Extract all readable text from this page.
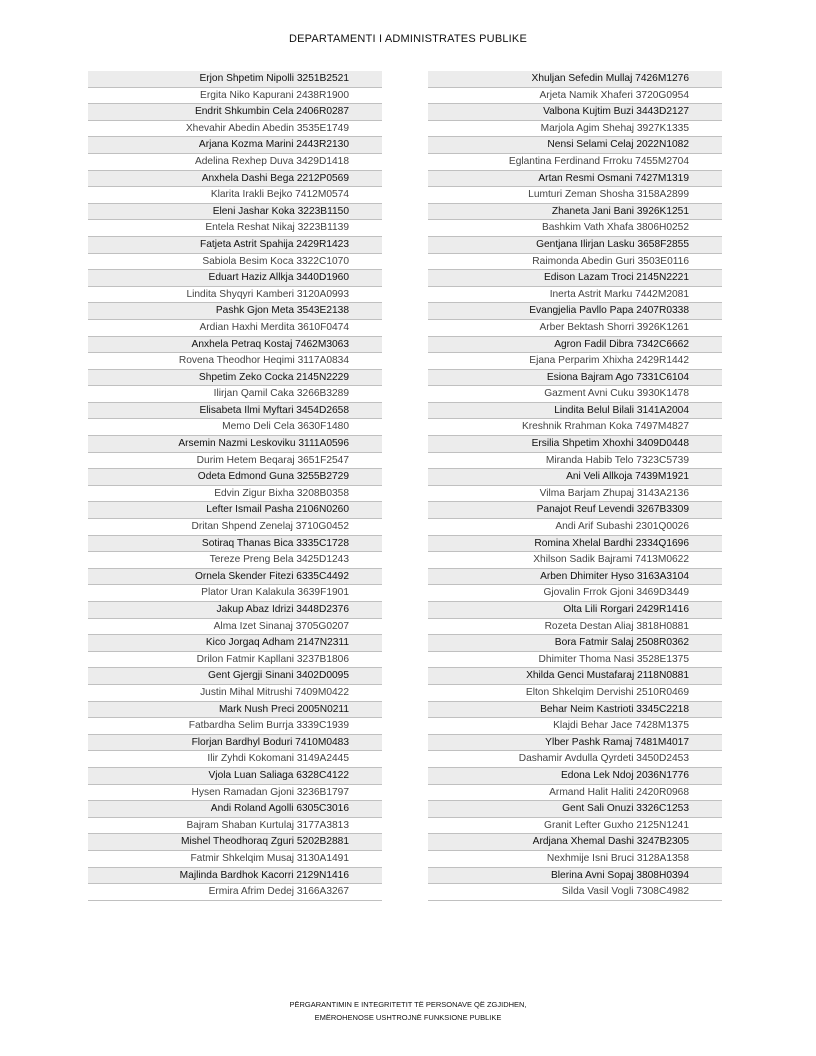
DEPARTAMENTI I ADMINISTRATES PUBLIKE
Erjon Shpetim Nipolli 3251B2521
Ergita Niko Kapurani 2438R1900
Endrit Shkumbin Cela 2406R0287
Xhevahir Abedin Abedin 3535E1749
Arjana Kozma Marini 2443R2130
Adelina Rexhep Duva 3429D1418
Anxhela Dashi Bega 2212P0569
Klarita Irakli Bejko 7412M0574
Eleni Jashar Koka 3223B1150
Entela Reshat Nikaj 3223B1139
Fatjeta Astrit Spahija 2429R1423
Sabiola Besim Koca 3322C1070
Eduart Haziz Allkja 3440D1960
Lindita Shyqyri Kamberi 3120A0993
Pashk Gjon Meta 3543E2138
Ardian Haxhi Merdita 3610F0474
Anxhela Petraq Kostaj 7462M3063
Rovena Theodhor Heqimi 3117A0834
Shpetim Zeko Cocka 2145N2229
Ilirjan Qamil Caka 3266B3289
Elisabeta Ilmi Myftari 3454D2658
Memo Deli Cela 3630F1480
Arsemin Nazmi Leskoviku 3111A0596
Durim Hetem Beqaraj 3651F2547
Odeta Edmond Guna 3255B2729
Edvin Zigur Bixha 3208B0358
Lefter Ismail Pasha 2106N0260
Dritan Shpend Zenelaj 3710G0452
Sotiraq Thanas Bica 3335C1728
Tereze Preng Bela 3425D1243
Ornela Skender Fitezi 6335C4492
Plator Uran Kalakula 3639F1901
Jakup Abaz Idrizi 3448D2376
Alma Izet Sinanaj 3705G0207
Kico Jorgaq Adham 2147N2311
Drilon Fatmir Kapllani 3237B1806
Gent Gjergji Sinani 3402D0095
Justin Mihal Mitrushi 7409M0422
Mark Nush Preci 2005N0211
Fatbardha Selim Burrja 3339C1939
Florjan Bardhyl Boduri 7410M0483
Ilir Zyhdi Kokomani 3149A2445
Vjola Luan Saliaga 6328C4122
Hysen Ramadan Gjoni 3236B1797
Andi Roland Agolli 6305C3016
Bajram Shaban Kurtulaj 3177A3813
Mishel Theodhoraq Zguri 5202B2881
Fatmir Shkelqim Musaj 3130A1491
Majlinda Bardhok Kacorri 2129N1416
Ermira Afrim Dedej 3166A3267
Xhuljan Sefedin Mullaj 7426M1276
Arjeta Namik Xhaferi 3720G0954
Valbona Kujtim Buzi 3443D2127
Marjola Agim Shehaj 3927K1335
Nensi Selami Celaj 2022N1082
Eglantina Ferdinand Frroku 7455M2704
Artan Resmi Osmani 7427M1319
Lumturi Zeman Shosha 3158A2899
Zhaneta Jani Bani 3926K1251
Bashkim Vath Xhafa 3806H0252
Gentjana Ilirjan Lasku 3658F2855
Raimonda Abedin Guri 3503E0116
Edison Lazam Troci 2145N2221
Inerta Astrit Marku 7442M2081
Evangjelia Pavllo Papa 2407R0338
Arber Bektash Shorri 3926K1261
Agron Fadil Dibra 7342C6662
Ejana Perparim Xhixha 2429R1442
Esiona Bajram Ago 7331C6104
Gazment Avni Cuku 3930K1478
Lindita Belul Bilali 3141A2004
Kreshnik Rrahman Koka 7497M4827
Ersilia Shpetim Xhoxhi 3409D0448
Miranda Habib Telo 7323C5739
Ani Veli Allkoja 7439M1921
Vilma Barjam Zhupaj 3143A2136
Panajot Reuf Levendi 3267B3309
Andi Arif Subashi 2301Q0026
Romina Xhelal Bardhi 2334Q1696
Xhilson Sadik Bajrami 7413M0622
Arben Dhimiter Hyso 3163A3104
Gjovalin Frrok Gjoni 3469D3449
Olta Lili Rorgari 2429R1416
Rozeta Destan Aliaj 3818H0881
Bora Fatmir Salaj 2508R0362
Dhimiter Thoma Nasi 3528E1375
Xhilda Genci Mustafaraj 2118N0881
Elton Shkelqim Dervishi 2510R0469
Behar Neim Kastrioti 3345C2218
Klajdi Behar Jace 7428M1375
Ylber Pashk Ramaj 7481M4017
Dashamir Avdulla Qyrdeti 3450D2453
Edona Lek Ndoj 2036N1776
Armand Halit Haliti 2420R0968
Gent Sali Onuzi 3326C1253
Granit Lefter Guxho 2125N1241
Ardjana Xhemal Dashi 3247B2305
Nexhmije Isni Bruci 3128A1358
Blerina Avni Sopaj 3808H0394
Silda Vasil Vogli 7308C4982
PËRGARANTIMIN E INTEGRITETIT TË PERSONAVE QË ZGJIDHEN,
EMËROHENOSE USHTROJNË FUNKSIONE PUBLIKE
